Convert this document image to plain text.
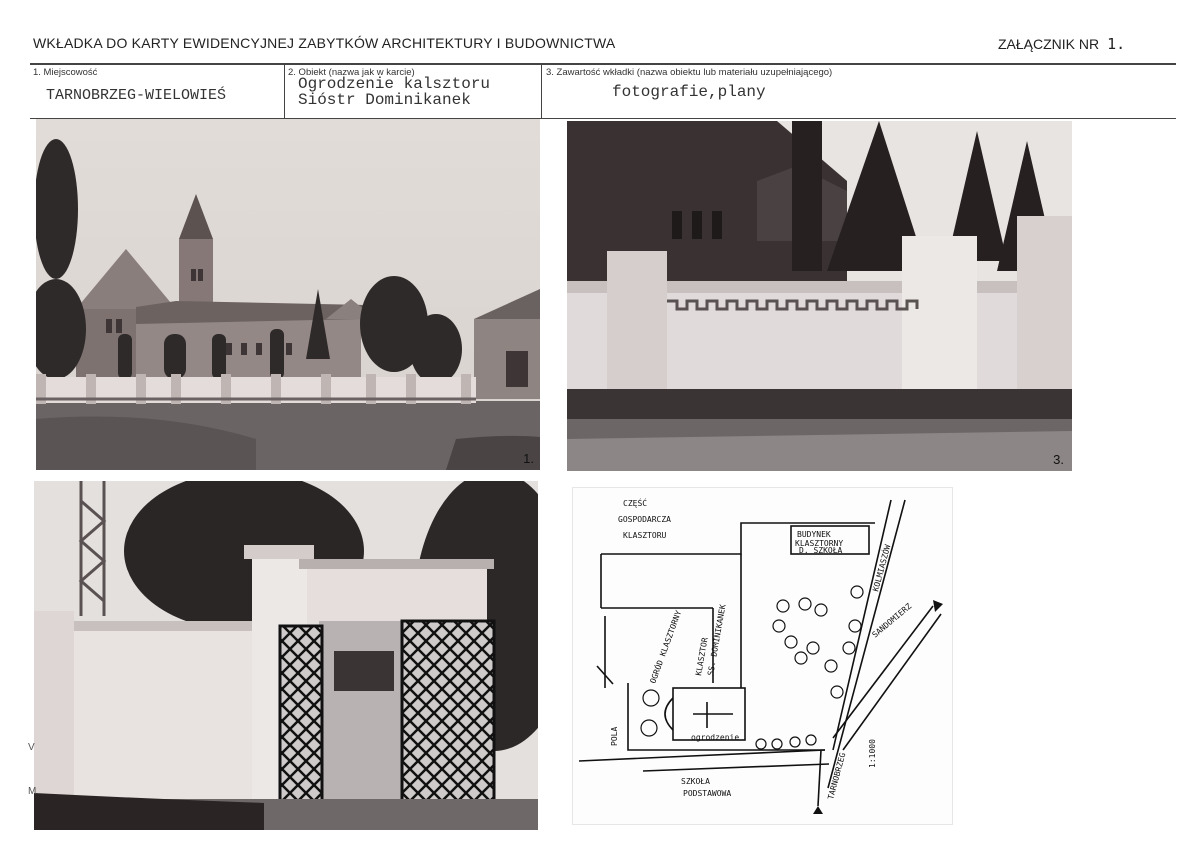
WKŁADKA DO KARTY EWIDENCYJNEJ ZABYTKÓW ARCHITEKTURY I BUDOWNICTWA	ZAŁĄCZNIK NR 1.
1. Miejscowość
TARNOBRZEG-WIELOWIEŚ
2. Obiekt (nazwa jak w karcie)
Ogrodzenie kalsztoru
Sióstr Dominikanek
3. Zawartość wkładki (nazwa obiektu lub materiału uzupełniającego)
fotografie,plany
1.	3.
CZĘŚĆ
GOSPODARCZA
KLASZTORU	BUDYNEK
KLASZTORNY
D. SZKOŁA
OGRÓD KLASZTORNY KLASZTOR
SS. DOMINIKANEK
KOLMIASZÓW
SANDOMIERZ
TARNOBRZEG
POLA
SZKOŁA
PODSTAWOWA
ogrodzenie
1:1000
V
M
